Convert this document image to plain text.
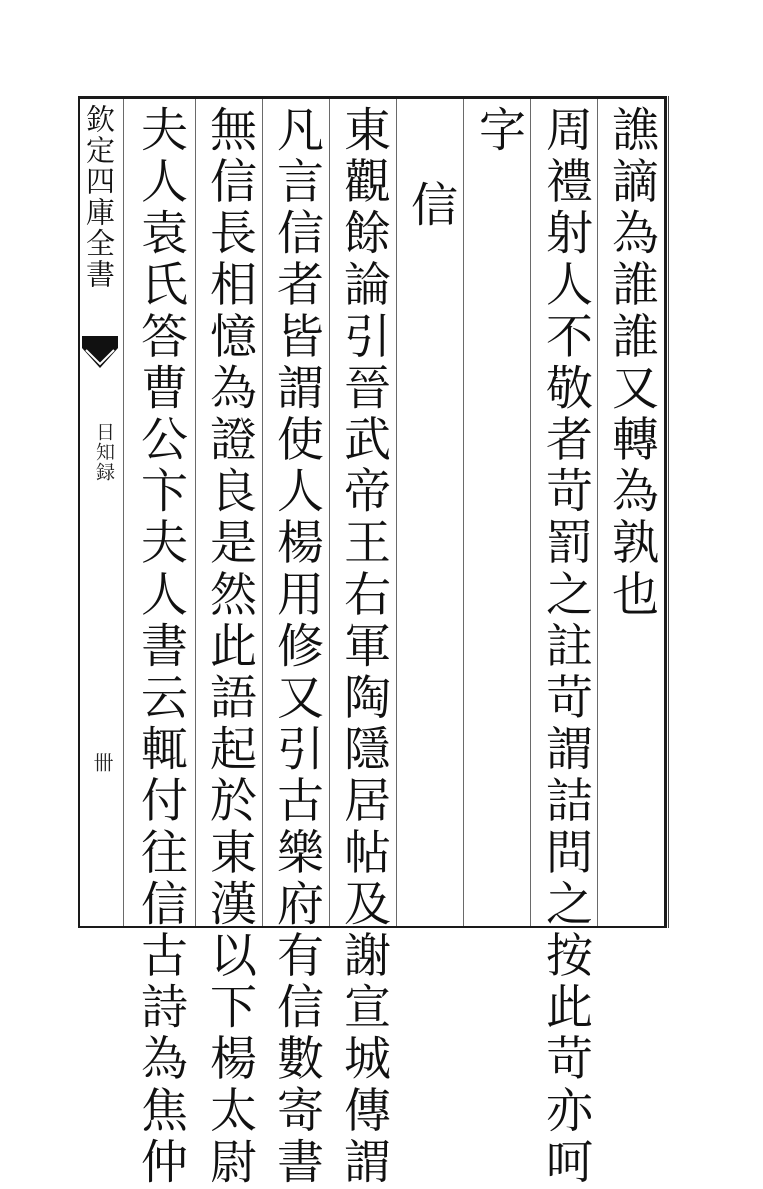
欽定四庫全書
日知録
卌
譙謫為誰誰又轉為孰也
周禮射人不敬者苛罰之註苛謂詰問之按此苛亦呵
字
信
東觀餘論引晉武帝王右軍陶隱居帖及謝宣城傳謂
凡言信者皆謂使人楊用修又引古樂府有信數寄書
無信長相憶為證良是然此語起於東漢以下楊太尉
夫人袁氏答曹公卞夫人書云輒付往信古詩為焦仲
